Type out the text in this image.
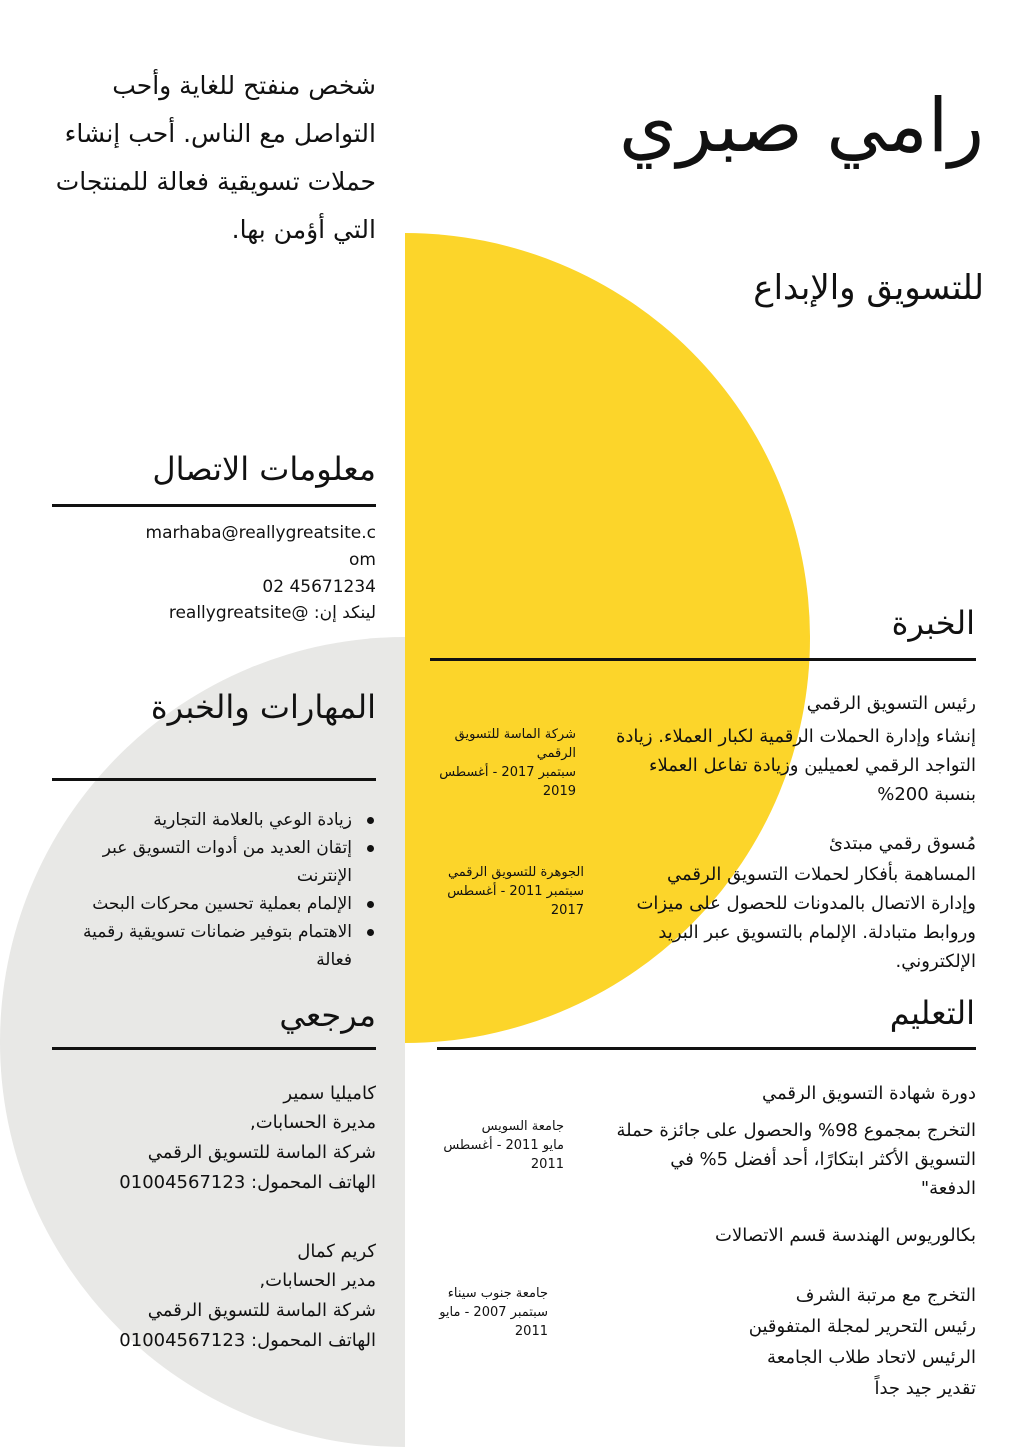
رامي صبري
للتسويق والإبداع
شخص منفتح للغاية وأحب التواصل مع الناس. أحب إنشاء حملات تسويقية فعالة للمنتجات التي أؤمن بها.
معلومات الاتصال
marhaba@reallygreatsite.com
02 45671234
لينكد إن: @reallygreatsite
المهارات والخبرة
زيادة الوعي بالعلامة التجارية
إتقان العديد من أدوات التسويق عبر الإنترنت
الإلمام بعملية تحسين محركات البحث
الاهتمام بتوفير ضمانات تسويقية رقمية فعالة
مرجعي
كاميليا سمير
مديرة الحسابات,
شركة الماسة للتسويق الرقمي
الهاتف المحمول: 01004567123
كريم كمال
مدير الحسابات,
شركة الماسة للتسويق الرقمي
الهاتف المحمول: 01004567123
الخبرة
رئيس التسويق الرقمي
إنشاء وإدارة الحملات الرقمية لكبار العملاء. زيادة التواجد الرقمي لعميلين وزيادة تفاعل العملاء بنسبة 200%
شركة الماسة للتسويق الرقمي
سبتمبر 2017 - أغسطس 2019
مُسوق رقمي مبتدئ
المساهمة بأفكار لحملات التسويق الرقمي وإدارة الاتصال بالمدونات للحصول على ميزات وروابط متبادلة. الإلمام بالتسويق عبر البريد الإلكتروني.
الجوهرة للتسويق الرقمي
سبتمبر 2011 - أغسطس 2017
التعليم
دورة شهادة التسويق الرقمي
التخرج بمجموع 98% والحصول على جائزة حملة التسويق الأكثر ابتكارًا، أحد أفضل 5% في الدفعة"
جامعة السويس
مايو 2011 - أغسطس 2011
بكالوريوس الهندسة قسم الاتصالات
التخرج مع مرتبة الشرف
رئيس التحرير لمجلة المتفوقين
الرئيس لاتحاد طلاب الجامعة
تقدير جيد جداً
جامعة جنوب سيناء
سبتمبر 2007 - مايو 2011
